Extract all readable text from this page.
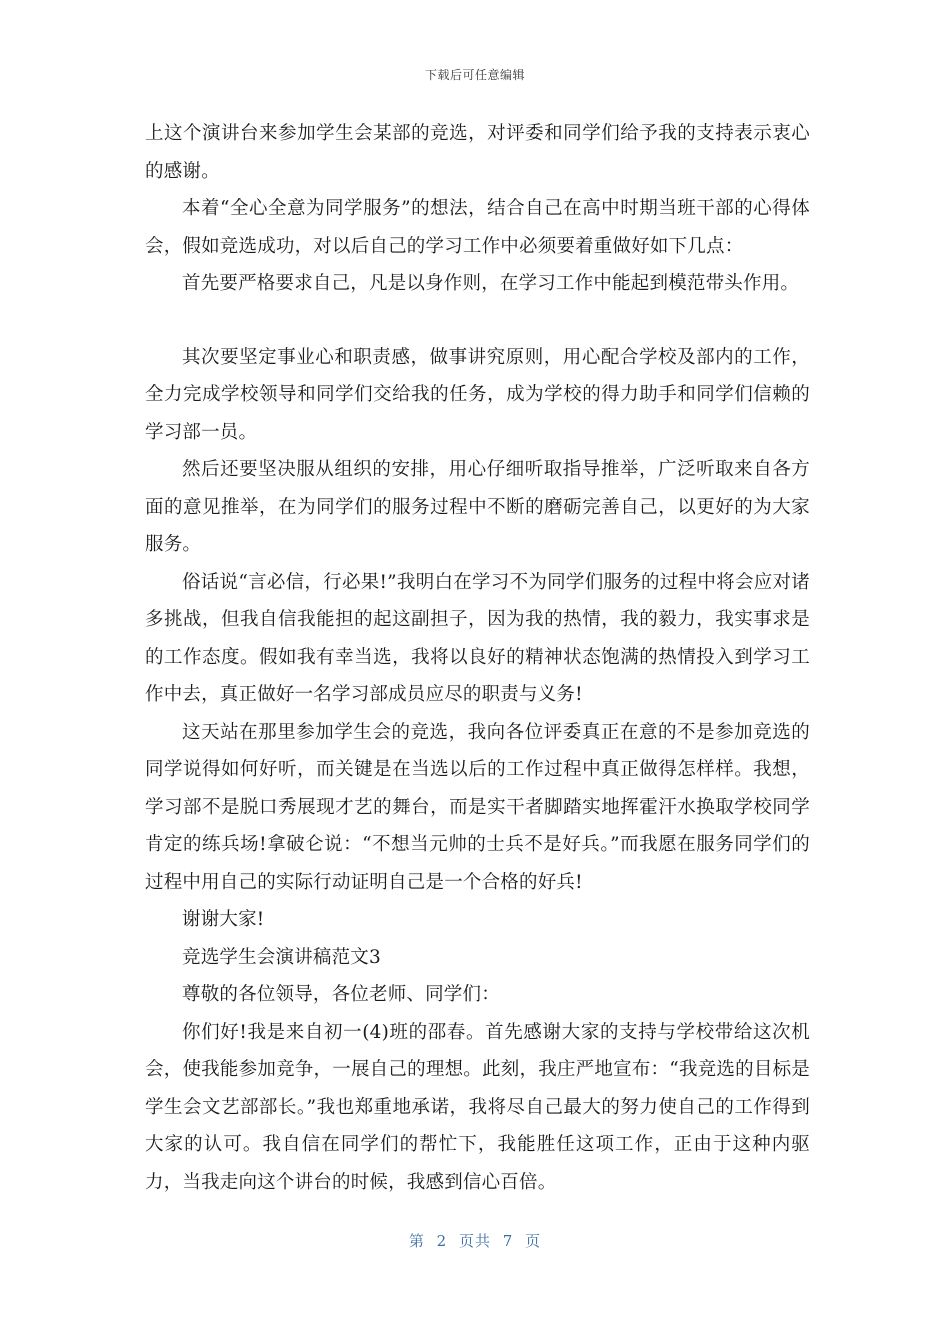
下载后可任意编辑

上这个演讲台来参加学生会某部的竞选，对评委和同学们给予我的支持表示衷心的感谢。

本着“全心全意为同学服务”的想法，结合自己在高中时期当班干部的心得体会，假如竞选成功，对以后自己的学习工作中必须要着重做好如下几点：

首先要严格要求自己，凡是以身作则，在学习工作中能起到模范带头作用。

其次要坚定事业心和职责感，做事讲究原则，用心配合学校及部内的工作，全力完成学校领导和同学们交给我的任务，成为学校的得力助手和同学们信赖的学习部一员。

然后还要坚决服从组织的安排，用心仔细听取指导推举，广泛听取来自各方面的意见推举，在为同学们的服务过程中不断的磨砺完善自己，以更好的为大家服务。

俗话说“言必信，行必果!”我明白在学习不为同学们服务的过程中将会应对诸多挑战，但我自信我能担的起这副担子，因为我的热情，我的毅力，我实事求是的工作态度。假如我有幸当选，我将以良好的精神状态饱满的热情投入到学习工作中去，真正做好一名学习部成员应尽的职责与义务!

这天站在那里参加学生会的竞选，我向各位评委真正在意的不是参加竞选的同学说得如何好听，而关键是在当选以后的工作过程中真正做得怎样样。我想，学习部不是脱口秀展现才艺的舞台，而是实干者脚踏实地挥霍汗水换取学校同学肯定的练兵场!拿破仑说：“不想当元帅的士兵不是好兵。”而我愿在服务同学们的过程中用自己的实际行动证明自己是一个合格的好兵!

谢谢大家!

竞选学生会演讲稿范文3

尊敬的各位领导，各位老师、同学们：

你们好!我是来自初一(4)班的邵春。首先感谢大家的支持与学校带给这次机会，使我能参加竞争，一展自己的理想。此刻，我庄严地宣布：“我竞选的目标是学生会文艺部部长。”我也郑重地承诺，我将尽自己最大的努力使自己的工作得到大家的认可。我自信在同学们的帮忙下，我能胜任这项工作，正由于这种内驱力，当我走向这个讲台的时候，我感到信心百倍。

第 2 页共 7 页
